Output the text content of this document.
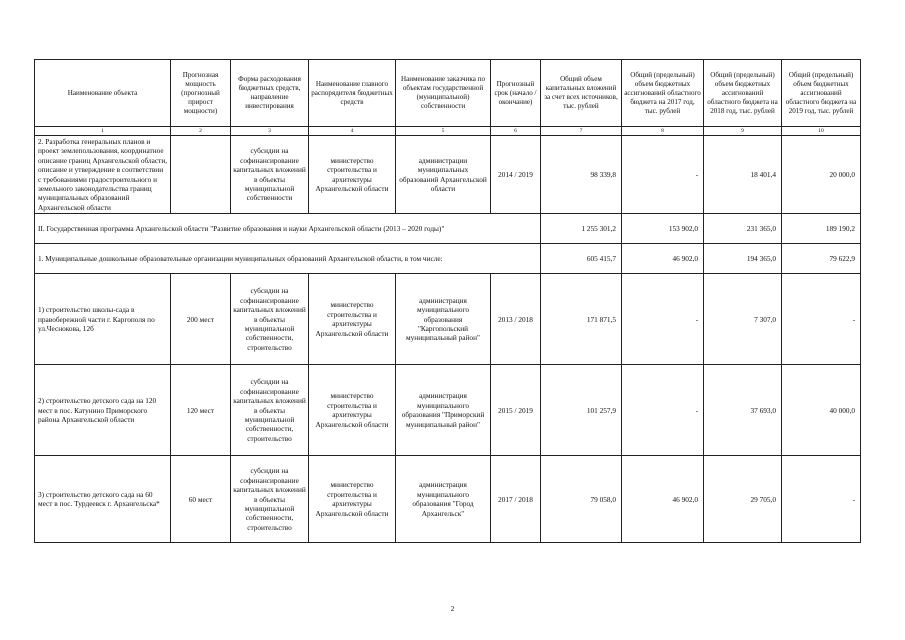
Наименование объекта	Прогнозная мощность (прогнозный прирост мощности)	Форма расходования бюджетных средств, направление инвестирования	Наименование главного распорядителя бюджетных средств	Наименование заказчика по объектам государственной (муниципальной) собственности	Прогнозный срок (начало / окончание)	Общий объем капитальных вложений за счет всех источников, тыс. рублей	Общий (предельный) объем бюджетных ассигнований областного бюджета на 2017 год, тыс. рублей	Общий (предельный) объем бюджетных ассигнований областного бюджета на 2018 год, тыс. рублей	Общий (предельный) объем бюджетных ассигнований областного бюджета на 2019 год, тыс. рублей
1	2	3	4	5	6	7	8	9	10
2. Разработка генеральных планов и проект землепользования, координатное описание границ Архангельской области, описание и утверждение в соответствии с требованиями градостроительного и земельного законодательства границ муниципальных образований Архангельской области		субсидии на софинансирование капитальных вложений в объекты муниципальной собственности	министерство строительства и архитектуры Архангельской области	администрации муниципальных образований Архангельской области	2014 / 2019	98 339,8	-	18 401,4	20 000,0
II. Государственная программа Архангельской области "Развитие образования и науки Архангельской области (2013 – 2020 годы)"						1 255 301,2	153 902,0	231 365,0	189 190,2
1. Муниципальные дошкольные образовательные организации муниципальных образований Архангельской области, в том числе:						605 415,7	46 902,0	194 365,0	79 622,9
1) строительство школы-сада в правобережной части г. Каргополя по ул.Чеснокова, 12б	200 мест	субсидии на софинансирование капитальных вложений в объекты муниципальной собственности, строительство	министерство строительства и архитектуры Архангельской области	администрация муниципального образования "Каргопольский муниципальный район"	2013 / 2018	171 871,5	-	7 307,0	-
2) строительство детского сада на 120 мест в пос. Катунино Приморского района Архангельской области	120 мест	субсидии на софинансирование капитальных вложений в объекты муниципальной собственности, строительство	министерство строительства и архитектуры Архангельской области	администрация муниципального образования "Приморский муниципальный район"	2015 / 2019	101 257,9	-	37 693,0	40 000,0
3) строительство детского сада на 60 мест в пос. Турдеевск г. Архангельска*	60 мест	субсидии на софинансирование капитальных вложений в объекты муниципальной собственности, строительство	министерство строительства и архитектуры Архангельской области	администрация муниципального образования "Город Архангельск"	2017 / 2018	79 058,0	46 902,0	29 705,0	-
2
